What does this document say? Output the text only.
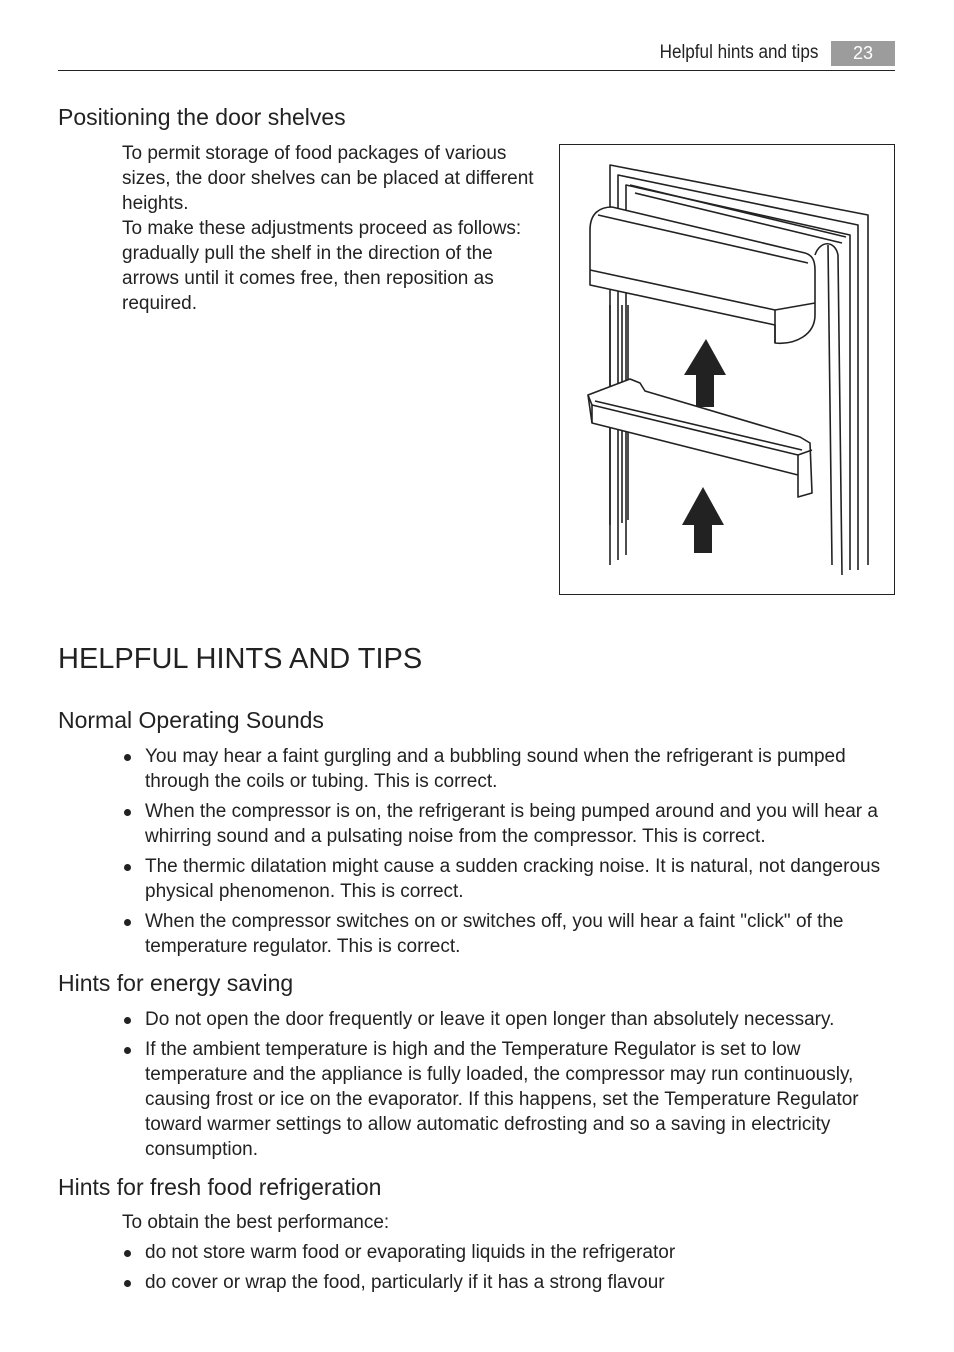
Helpful hints and tips	23
Positioning the door shelves

To permit storage of food packages of various sizes, the door shelves can be placed at different heights.

To make these adjustments proceed as follows: gradually pull the shelf in the direction of the arrows until it comes free, then reposition as required.

HELPFUL HINTS AND TIPS
Normal Operating Sounds
You may hear a faint gurgling and a bubbling sound when the refrigerant is pumped through the coils or tubing. This is correct.
When the compressor is on, the refrigerant is being pumped around and you will hear a whirring sound and a pulsating noise from the compressor. This is correct.
The thermic dilatation might cause a sudden cracking noise. It is natural, not dangerous physical phenomenon. This is correct.
When the compressor switches on or switches off, you will hear a faint "click" of the temperature regulator. This is correct.
Hints for energy saving
Do not open the door frequently or leave it open longer than absolutely necessary.
If the ambient temperature is high and the Temperature Regulator is set to low temperature and the appliance is fully loaded, the compressor may run continuously, causing frost or ice on the evaporator. If this happens, set the Temperature Regulator toward warmer settings to allow automatic defrosting and so a saving in electricity consumption.
Hints for fresh food refrigeration
To obtain the best performance:
do not store warm food or evaporating liquids in the refrigerator
do cover or wrap the food, particularly if it has a strong flavour
